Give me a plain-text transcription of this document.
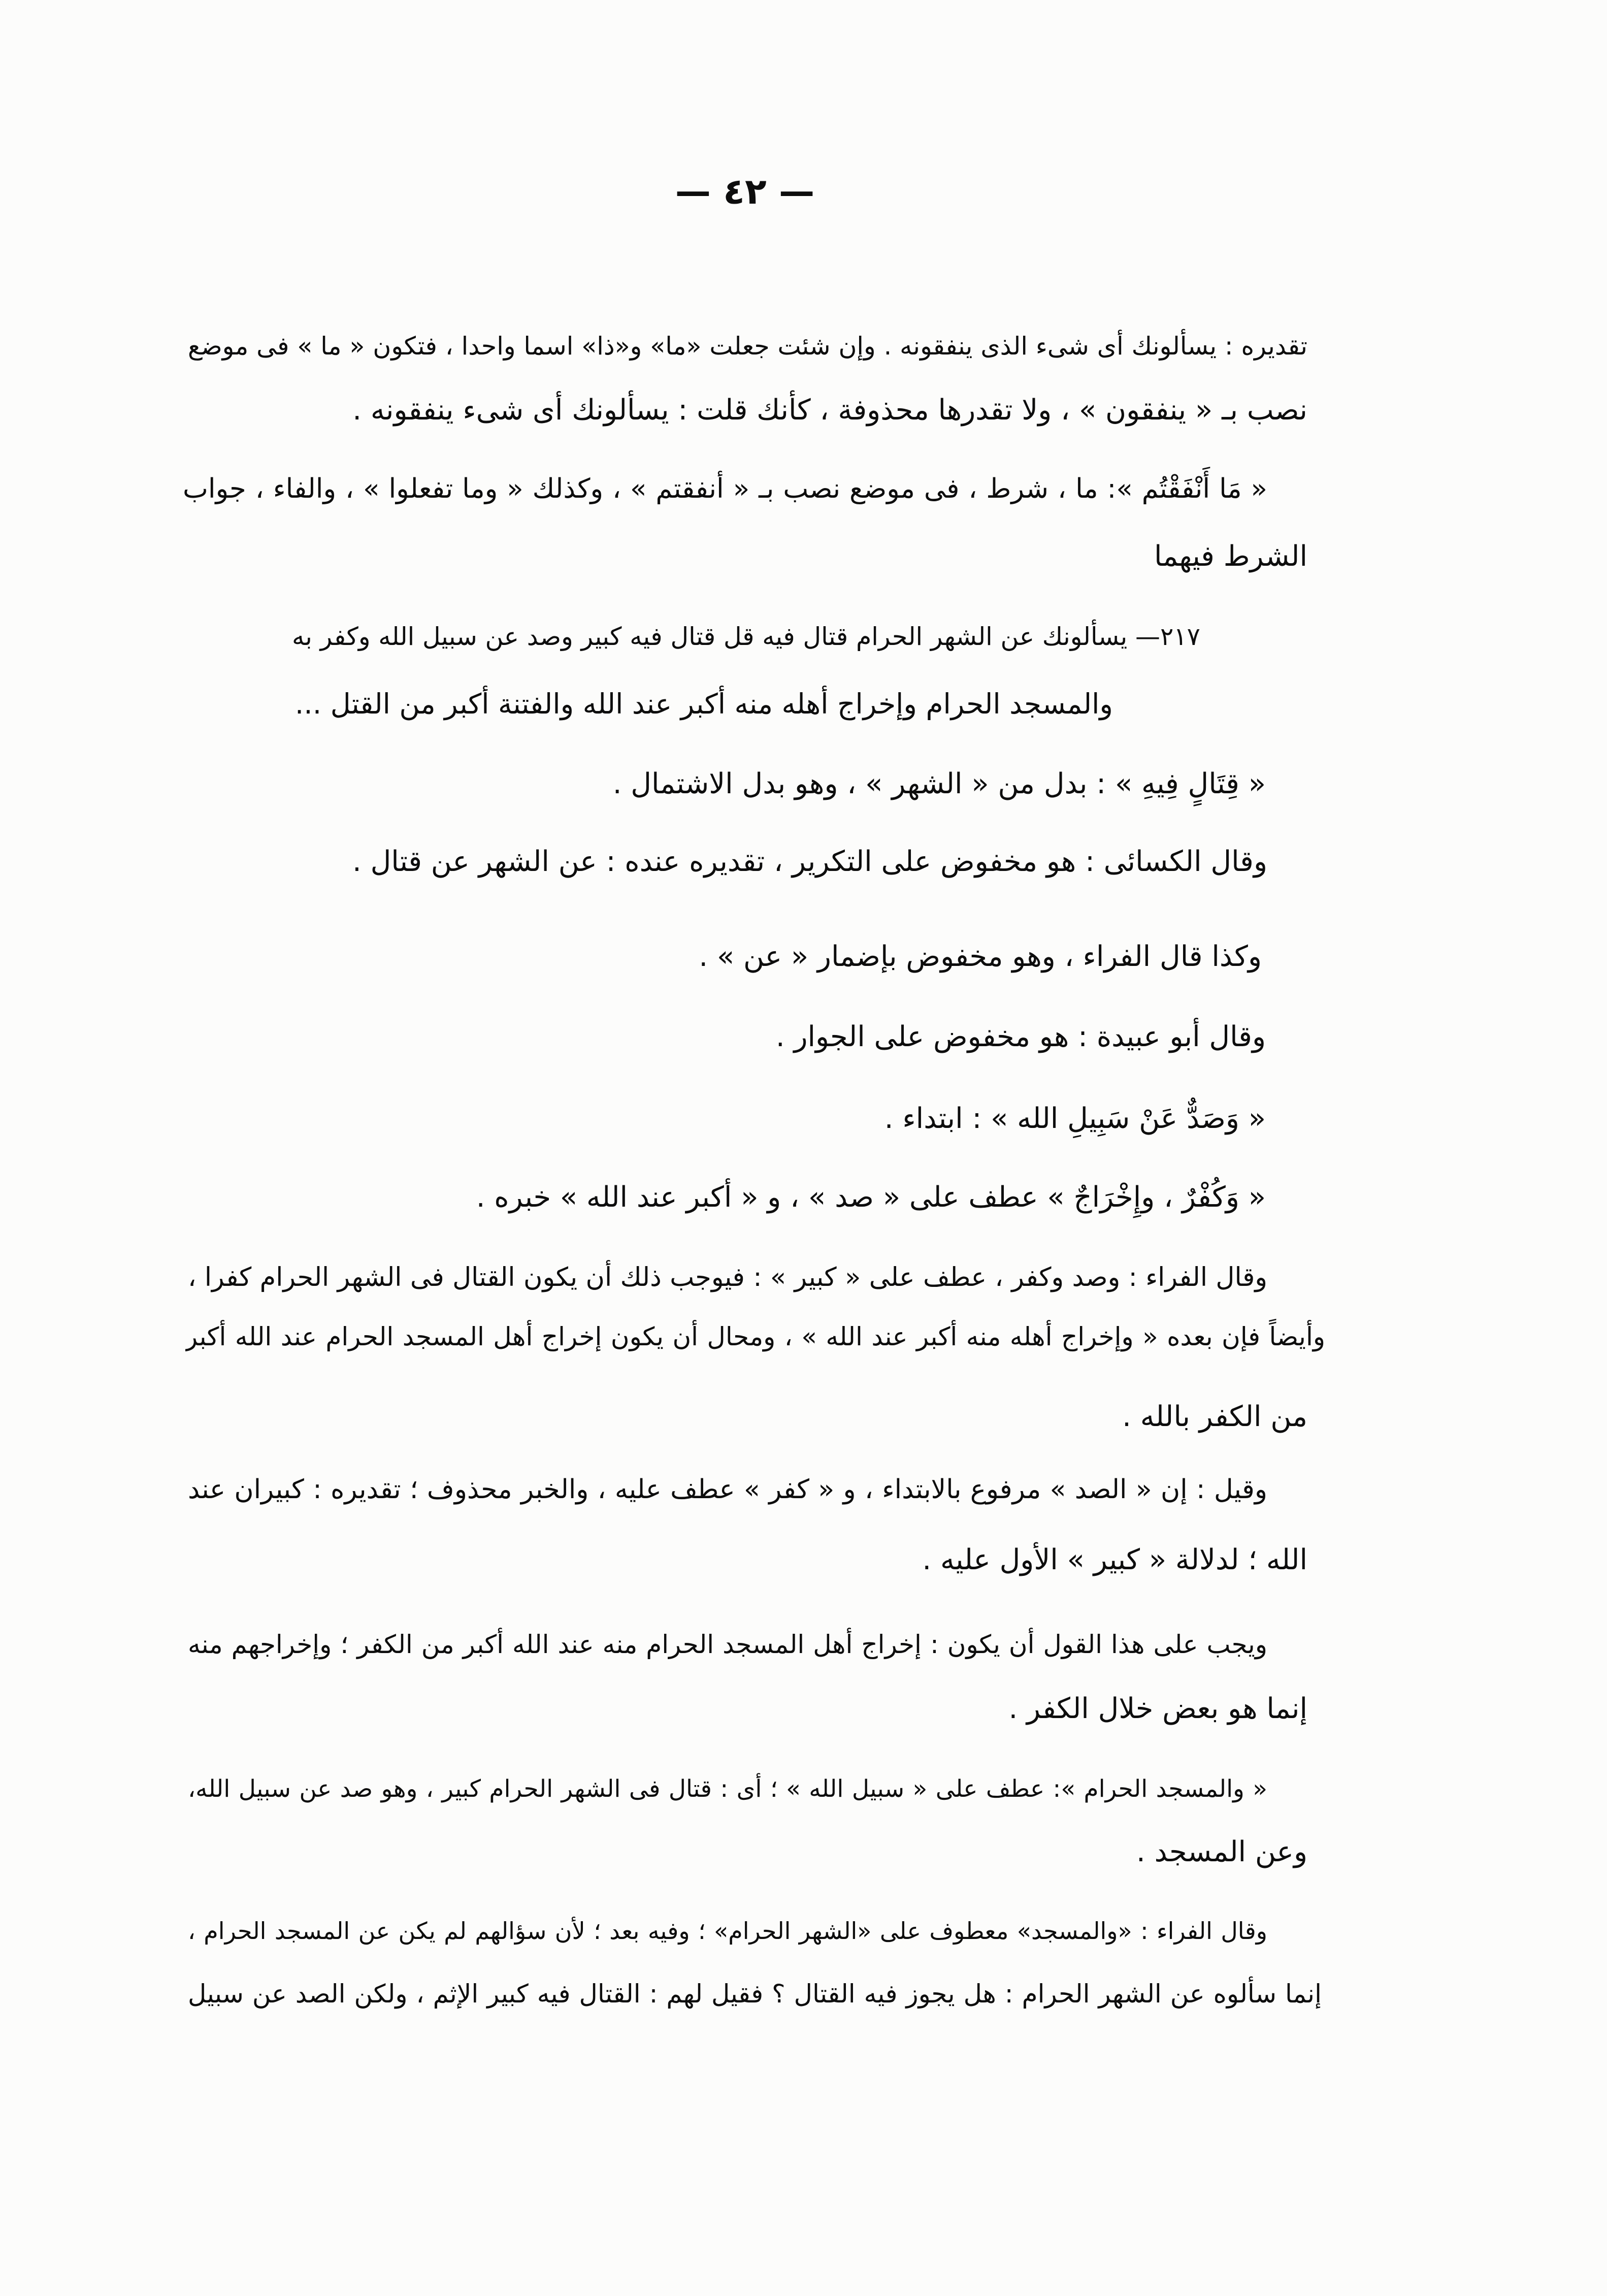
— ٤٢ —
تقديره : يسألونك أى شىء الذى ينفقونه . وإن شئت جعلت «ما» و«ذا» اسما واحدا ، فتكون « ما » فى موضع
نصب بـ « ينفقون » ، ولا تقدرها محذوفة ، كأنك قلت : يسألونك أى شىء ينفقونه .
« مَا أَنْفَقْتُم »: ما ، شرط ، فى موضع نصب بـ « أنفقتم » ، وكذلك « وما تفعلوا » ، والفاء ، جواب
الشرط فيهما
٢١٧— يسألونك عن الشهر الحرام قتال فيه قل قتال فيه كبير وصد عن سبيل الله وكفر به
والمسجد الحرام وإخراج أهله منه أكبر عند الله والفتنة أكبر من القتل ...
« قِتَالٍ فِيهِ » : بدل من « الشهر » ، وهو بدل الاشتمال .
وقال الكسائى : هو مخفوض على التكرير ، تقديره عنده : عن الشهر عن قتال .
وكذا قال الفراء ، وهو مخفوض بإضمار « عن » .
وقال أبو عبيدة : هو مخفوض على الجوار .
« وَصَدٌّ عَنْ سَبِيلِ الله » : ابتداء .
« وَكُفْرٌ ، وإِخْرَاجٌ » عطف على « صد » ، و « أكبر عند الله » خبره .
وقال الفراء : وصد وكفر ، عطف على « كبير » : فيوجب ذلك أن يكون القتال فى الشهر الحرام كفرا ،
وأيضاً فإن بعده « وإخراج أهله منه أكبر عند الله » ، ومحال أن يكون إخراج أهل المسجد الحرام عند الله أكبر
من الكفر بالله .
وقيل : إن « الصد » مرفوع بالابتداء ، و « كفر » عطف عليه ، والخبر محذوف ؛ تقديره : كبيران عند
الله ؛ لدلالة « كبير » الأول عليه .
ويجب على هذا القول أن يكون : إخراج أهل المسجد الحرام منه عند الله أكبر من الكفر ؛ وإخراجهم منه
إنما هو بعض خلال الكفر .
« والمسجد الحرام »: عطف على « سبيل الله » ؛ أى : قتال فى الشهر الحرام كبير ، وهو صد عن سبيل الله،
وعن المسجد .
وقال الفراء : «والمسجد» معطوف على «الشهر الحرام» ؛ وفيه بعد ؛ لأن سؤالهم لم يكن عن المسجد الحرام ،
إنما سألوه عن الشهر الحرام : هل يجوز فيه القتال ؟ فقيل لهم : القتال فيه كبير الإثم ، ولكن الصد عن سبيل
